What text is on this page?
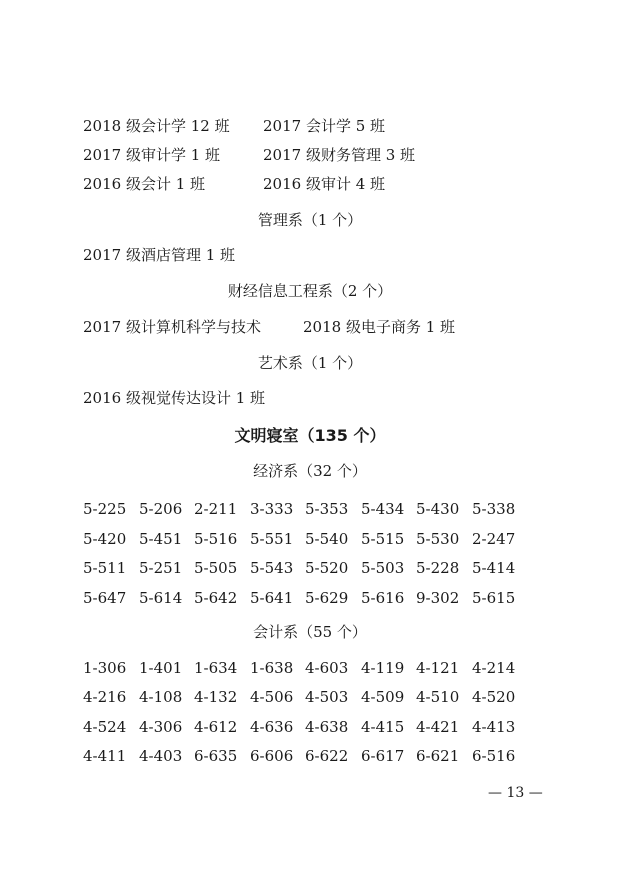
2018 级会计学 12 班 2017 会计学 5 班
2017 级审计学 1 班	2017 级财务管理 3 班
2016 级会计 1 班	2016 级审计 4 班
管理系（1 个）
2017 级酒店管理 1 班
财经信息工程系（2 个）
2017 级计算机科学与技术	2018 级电子商务 1 班
艺术系（1 个）
2016 级视觉传达设计 1 班
文明寝室（135 个）
经济系（32 个）
5-225 5-206 2-211 3-333 5-353 5-434 5-430 5-338
5-420 5-451 5-516 5-551 5-540 5-515 5-530 2-247
5-511 5-251 5-505 5-543 5-520 5-503 5-228 5-414
5-647 5-614 5-642 5-641 5-629 5-616 9-302 5-615
会计系（55 个）
1-306 1-401 1-634 1-638 4-603 4-119 4-121 4-214
4-216 4-108 4-132 4-506 4-503 4-509 4-510 4-520
4-524 4-306 4-612 4-636 4-638 4-415 4-421 4-413
4-411 4-403 6-635 6-606 6-622 6-617 6-621 6-516
— 13 —
